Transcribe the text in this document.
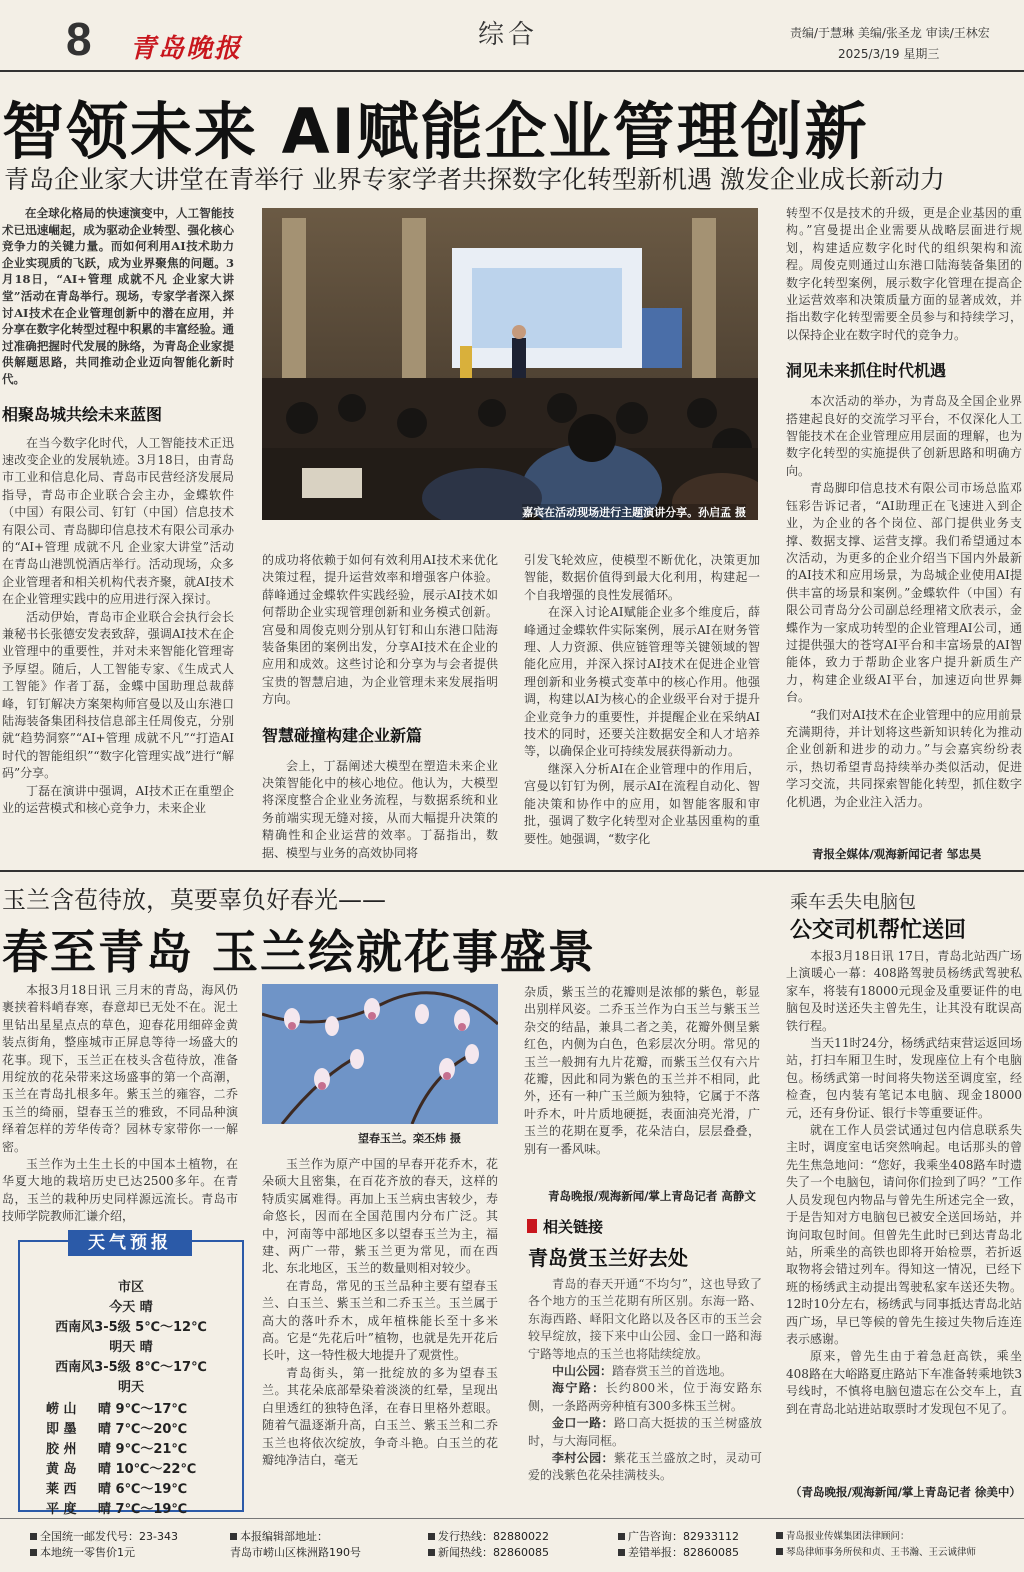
8 青岛晚报	综合	责编/于慧琳 美编/张圣龙 审读/王林宏
2025/3/19 星期三
智领未来 AI赋能企业管理创新
青岛企业家大讲堂在青举行 业界专家学者共探数字化转型新机遇 激发企业成长新动力

在全球化格局的快速演变中，人工智能技术已迅速崛起，成为驱动企业转型、强化核心竞争力的关键力量。而如何利用AI技术助力企业实现质的飞跃，成为业界聚焦的问题。3月18日，“AI+管理 成就不凡 企业家大讲堂”活动在青岛举行。现场，专家学者深入探讨AI技术在企业管理创新中的潜在应用，并分享在数字化转型过程中积累的丰富经验。通过准确把握时代发展的脉络，为青岛企业家提供解题思路，共同推动企业迈向智能化新时代。

相聚岛城共绘未来蓝图

在当今数字化时代，人工智能技术正迅速改变企业的发展轨迹。3月18日，由青岛市工业和信息化局、青岛市民营经济发展局指导，青岛市企业联合会主办，金蝶软件（中国）有限公司、钉钉（中国）信息技术有限公司、青岛脚印信息技术有限公司承办的“AI+管理 成就不凡 企业家大讲堂”活动在青岛山港凯悦酒店举行。活动现场，众多企业管理者和相关机构代表齐聚，就AI技术在企业管理实践中的应用进行深入探讨。

活动伊始，青岛市企业联合会执行会长兼秘书长张德安发表致辞，强调AI技术在企业管理中的重要性，并对未来智能化管理寄予厚望。随后，人工智能专家、《生成式人工智能》作者丁磊，金蝶中国助理总裁薛峰，钉钉解决方案架构师宫曼以及山东港口陆海装备集团科技信息部主任周俊克，分别就“趋势洞察”“AI+管理 成就不凡”“打造AI时代的智能组织”“数字化管理实战”进行“解码”分享。

丁磊在演讲中强调，AI技术正在重塑企业的运营模式和核心竞争力，未来企业

嘉宾在活动现场进行主题演讲分享。孙启孟 摄

的成功将依赖于如何有效利用AI技术来优化决策过程，提升运营效率和增强客户体验。薛峰通过金蝶软件实践经验，展示AI技术如何帮助企业实现管理创新和业务模式创新。宫曼和周俊克则分别从钉钉和山东港口陆海装备集团的案例出发，分享AI技术在企业的应用和成效。这些讨论和分享为与会者提供宝贵的智慧启迪，为企业管理未来发展指明方向。

智慧碰撞构建企业新篇

会上，丁磊阐述大模型在塑造未来企业决策智能化中的核心地位。他认为，大模型将深度整合企业业务流程，与数据系统和业务前端实现无缝对接，从而大幅提升决策的精确性和企业运营的效率。丁磊指出，数据、模型与业务的高效协同将

引发飞轮效应，使模型不断优化，决策更加智能，数据价值得到最大化利用，构建起一个自我增强的良性发展循环。

在深入讨论AI赋能企业多个维度后，薛峰通过金蝶软件实际案例，展示AI在财务管理、人力资源、供应链管理等关键领域的智能化应用，并深入探讨AI技术在促进企业管理创新和业务模式变革中的核心作用。他强调，构建以AI为核心的企业级平台对于提升企业竞争力的重要性，并提醒企业在采纳AI技术的同时，还要关注数据安全和人才培养等，以确保企业可持续发展获得新动力。

继深入分析AI在企业管理中的作用后，宫曼以钉钉为例，展示AI在流程自动化、智能决策和协作中的应用，如智能客服和审批，强调了数字化转型对企业基因重构的重要性。她强调，“数字化

转型不仅是技术的升级，更是企业基因的重构。”宫曼提出企业需要从战略层面进行规划，构建适应数字化时代的组织架构和流程。周俊克则通过山东港口陆海装备集团的数字化转型案例，展示数字化管理在提高企业运营效率和决策质量方面的显著成效，并指出数字化转型需要全员参与和持续学习，以保持企业在数字时代的竞争力。

洞见未来抓住时代机遇

本次活动的举办，为青岛及全国企业界搭建起良好的交流学习平台，不仅深化人工智能技术在企业管理应用层面的理解，也为数字化转型的实施提供了创新思路和明确方向。

青岛脚印信息技术有限公司市场总监邓钰彩告诉记者，“AI助理正在飞速进入到企业，为企业的各个岗位、部门提供业务支撑、数据支撑、运营支撑。我们希望通过本次活动，为更多的企业介绍当下国内外最新的AI技术和应用场景，为岛城企业使用AI提供丰富的场景和案例。”金蝶软件（中国）有限公司青岛分公司副总经理褚文欣表示，金蝶作为一家成功转型的企业管理AI公司，通过提供强大的苍穹AI平台和丰富场景的AI智能体，致力于帮助企业客户提升新质生产力，构建企业级AI平台，加速迈向世界舞台。

“我们对AI技术在企业管理中的应用前景充满期待，并计划将这些新知识转化为推动企业创新和进步的动力。”与会嘉宾纷纷表示，热切希望青岛持续举办类似活动，促进学习交流，共同探索智能化转型，抓住数字化机遇，为企业注入活力。

青报全媒体/观海新闻记者 邹忠昊
玉兰含苞待放，莫要辜负好春光——
春至青岛 玉兰绘就花事盛景

本报3月18日讯 三月末的青岛，海风仍裹挟着料峭春寒，春意却已无处不在。泥土里钻出星星点点的草色，迎春花用细碎金黄装点街角，整座城市正屏息等待一场盛大的花事。现下，玉兰正在枝头含苞待放，准备用绽放的花朵带来这场盛事的第一个高潮，玉兰在青岛扎根多年。紫玉兰的雍容，二乔玉兰的绮丽，望春玉兰的雅致，不同品种演绎着怎样的芳华传奇？园林专家带你一一解密。

玉兰作为土生土长的中国本土植物，在华夏大地的栽培历史已达2500多年。在青岛，玉兰的栽种历史同样源远流长。青岛市技师学院教师汇谦介绍，

望春玉兰。栾丕炜 摄

玉兰作为原产中国的早春开花乔木，花朵硕大且密集，在百花齐放的春天，这样的特质实属难得。再加上玉兰病虫害较少，寿命悠长，因而在全国范围内分布广泛。其中，河南等中部地区多以望春玉兰为主，福建、两广一带，紫玉兰更为常见，而在西北、东北地区，玉兰的数量则相对较少。

在青岛，常见的玉兰品种主要有望春玉兰、白玉兰、紫玉兰和二乔玉兰。玉兰属于高大的落叶乔木，成年植株能长至十多米高。它是“先花后叶”植物，也就是先开花后长叶，这一特性极大地提升了观赏性。

青岛街头，第一批绽放的多为望春玉兰。其花朵底部晕染着淡淡的红晕，呈现出白里透红的独特色泽，在春日里格外惹眼。随着气温逐渐升高，白玉兰、紫玉兰和二乔玉兰也将依次绽放，争奇斗艳。白玉兰的花瓣纯净洁白，毫无

杂质，紫玉兰的花瓣则是浓郁的紫色，彰显出别样风姿。二乔玉兰作为白玉兰与紫玉兰杂交的结晶，兼具二者之美，花瓣外侧呈紫红色，内侧为白色，色彩层次分明。常见的玉兰一般拥有九片花瓣，而紫玉兰仅有六片花瓣，因此和同为紫色的玉兰并不相同，此外，还有一种广玉兰颇为独特，它属于不落叶乔木，叶片质地硬挺，表面油亮光滑，广玉兰的花期在夏季，花朵洁白，层层叠叠，别有一番风味。

青岛晚报/观海新闻/掌上青岛记者 高静文
相关链接
青岛赏玉兰好去处

青岛的春天开通“不均匀”，这也导致了各个地方的玉兰花期有所区别。东海一路、东海西路、峄阳文化路以及各区市的玉兰会较早绽放，接下来中山公园、金口一路和海宁路等地点的玉兰也将陆续绽放。

中山公园：踏春赏玉兰的首选地。

海宁路：长约800米，位于海安路东侧，一条路两旁种植有300多株玉兰树。

金口一路：路口高大挺拔的玉兰树盛放时，与大海同框。

李村公园：紫花玉兰盛放之时，灵动可爱的浅紫色花朵挂满枝头。

天气预报
市区
今天 晴
西南风3-5级 5℃～12℃
明天 晴
西南风3-5级 8℃～17℃
明天
崂 山 晴 9℃～17℃
即 墨 晴 7℃～20℃
胶 州 晴 9℃～21℃
黄 岛 晴 10℃～22℃
莱 西 晴 6℃～19℃
平 度 晴 7℃～19℃
乘车丢失电脑包
公交司机帮忙送回

本报3月18日讯 17日，青岛北站西广场上演暖心一幕：408路驾驶员杨绣武驾驶私家车，将装有18000元现金及重要证件的电脑包及时送还失主曾先生，让其没有耽误高铁行程。

当天11时24分，杨绣武结束营运返回场站，打扫车厢卫生时，发现座位上有个电脑包。杨绣武第一时间将失物送至调度室，经检查，包内装有笔记本电脑、现金18000元，还有身份证、银行卡等重要证件。

就在工作人员尝试通过包内信息联系失主时，调度室电话突然响起。电话那头的曾先生焦急地问：“您好，我乘坐408路车时遗失了一个电脑包，请问你们捡到了吗？”工作人员发现包内物品与曾先生所述完全一致，于是告知对方电脑包已被安全送回场站，并询问取包时间。但曾先生此时已到达青岛北站，所乘坐的高铁也即将开始检票，若折返取物将会错过列车。得知这一情况，已经下班的杨绣武主动提出驾驶私家车送还失物。12时10分左右，杨绣武与同事抵达青岛北站西广场，早已等候的曾先生接过失物后连连表示感谢。

原来，曾先生由于着急赶高铁，乘坐408路在大峪路夏庄路站下车准备转乘地铁3号线时，不慎将电脑包遗忘在公交车上，直到在青岛北站进站取票时才发现包不见了。

（青岛晚报/观海新闻/掌上青岛记者 徐美中）
全国统一邮发代号：23-343
本地统一零售价1元
本报编辑部地址：
青岛市崂山区株洲路190号
发行热线：82880022
新闻热线：82860085
广告咨询：82933112
差错举报：82860085
青岛报业传媒集团法律顾问：
琴岛律师事务所侯和贞、王书瀚、王云诚律师
